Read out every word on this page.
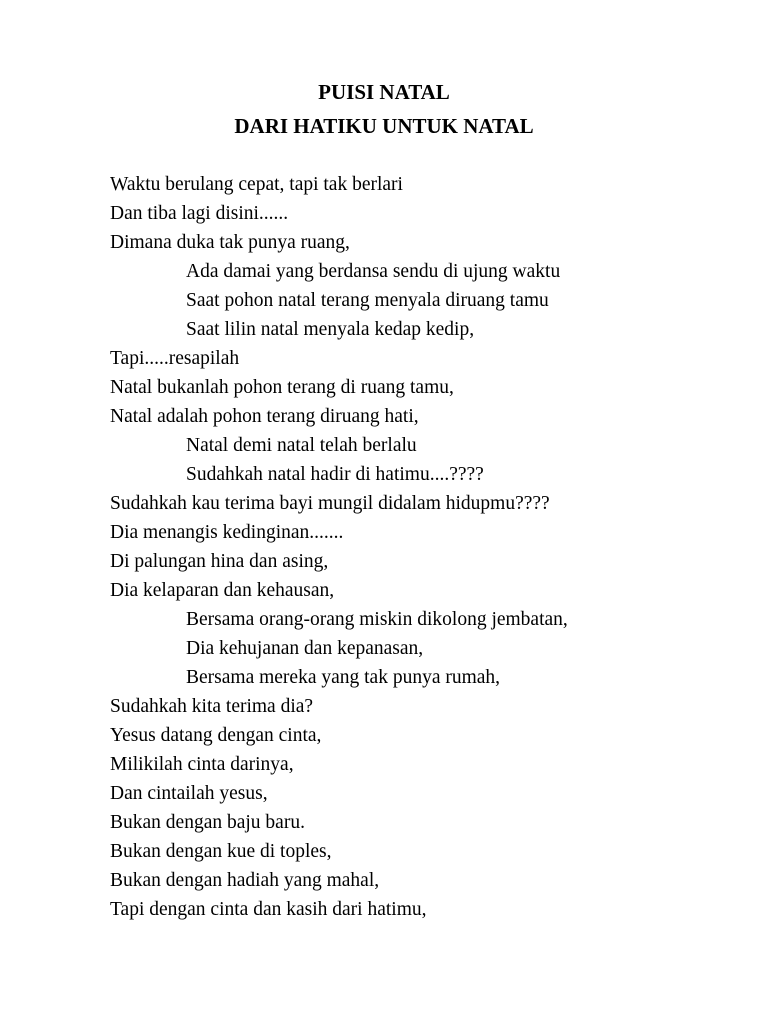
PUISI NATAL
DARI HATIKU UNTUK NATAL
Waktu berulang cepat, tapi tak berlari
Dan tiba lagi disini......
Dimana duka tak punya ruang,
Ada damai yang berdansa sendu di ujung waktu
Saat pohon natal terang menyala diruang tamu
Saat lilin natal menyala kedap kedip,
Tapi.....resapilah
Natal bukanlah pohon terang di ruang tamu,
Natal adalah pohon terang diruang hati,
Natal demi natal telah berlalu
Sudahkah natal hadir di hatimu....????
Sudahkah kau terima bayi mungil didalam hidupmu????
Dia menangis kedinginan.......
Di palungan hina dan asing,
Dia kelaparan dan kehausan,
Bersama orang-orang miskin dikolong jembatan,
Dia kehujanan dan kepanasan,
Bersama mereka yang tak punya rumah,
Sudahkah kita terima dia?
Yesus datang dengan cinta,
Milikilah cinta darinya,
Dan cintailah yesus,
Bukan dengan baju baru.
Bukan dengan kue di toples,
Bukan dengan hadiah yang mahal,
Tapi dengan cinta dan kasih dari hatimu,
